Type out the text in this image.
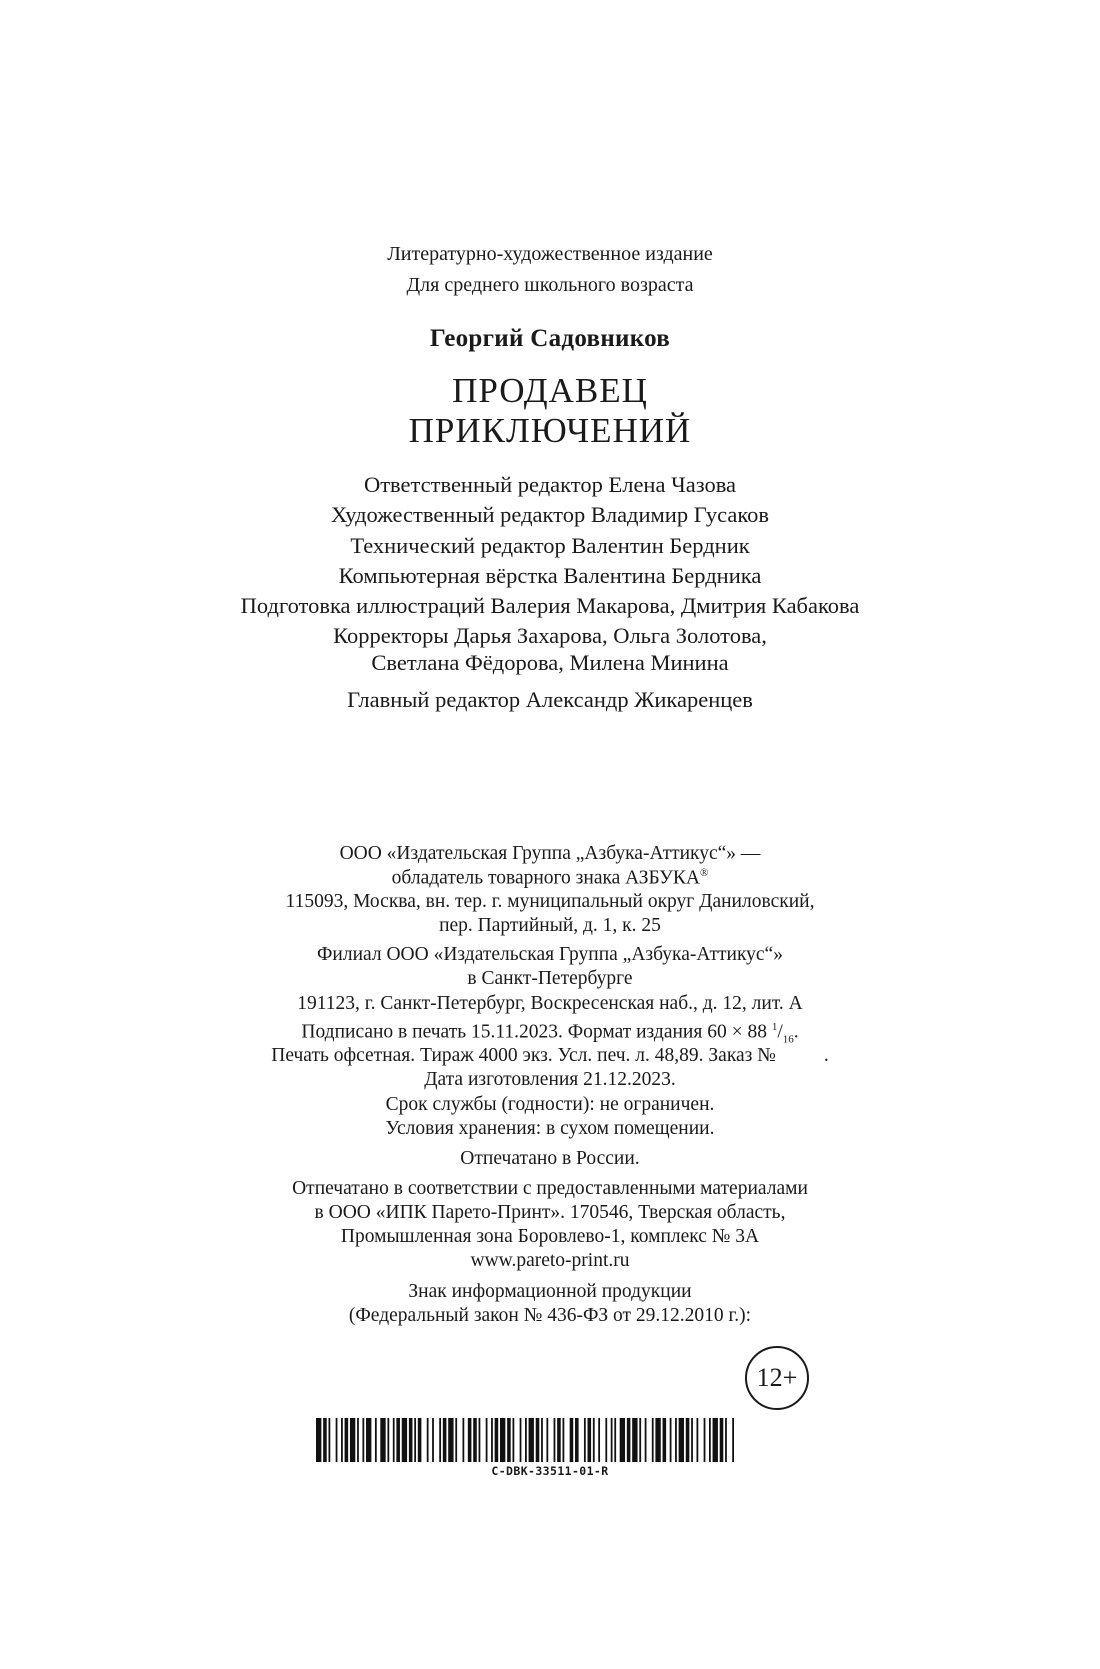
Литературно-художественное издание
Для среднего школьного возраста
Георгий Садовников
ПРОДАВЕЦ
ПРИКЛЮЧЕНИЙ
Ответственный редактор Елена Чазова
Художественный редактор Владимир Гусаков
Технический редактор Валентин Бердник
Компьютерная вёрстка Валентина Бердника
Подготовка иллюстраций Валерия Макарова, Дмитрия Кабакова
Корректоры Дарья Захарова, Ольга Золотова,
Светлана Фёдорова, Милена Минина
Главный редактор Александр Жикаренцев
ООО «Издательская Группа „Азбука-Аттикус“» —
обладатель товарного знака АЗБУКА®
115093, Москва, вн. тер. г. муниципальный округ Даниловский,
пер. Партийный, д. 1, к. 25
Филиал ООО «Издательская Группа „Азбука-Аттикус“»
в Санкт-Петербурге
191123, г. Санкт-Петербург, Воскресенская наб., д. 12, лит. А
Подписано в печать 15.11.2023. Формат издания 60 × 88 $^1/_{16}$.
Печать офсетная. Тираж 4000 экз. Усл. печ. л. 48,89. Заказ № .
Дата изготовления 21.12.2023.
Срок службы (годности): не ограничен.
Условия хранения: в сухом помещении.
Отпечатано в России.
Отпечатано в соответствии с предоставленными материалами
в ООО «ИПК Парето-Принт». 170546, Тверская область,
Промышленная зона Боровлево-1, комплекс № 3А
www.pareto-print.ru
Знак информационной продукции
(Федеральный закон № 436-ФЗ от 29.12.2010 г.):
12+
C-DBK-33511-01-R
